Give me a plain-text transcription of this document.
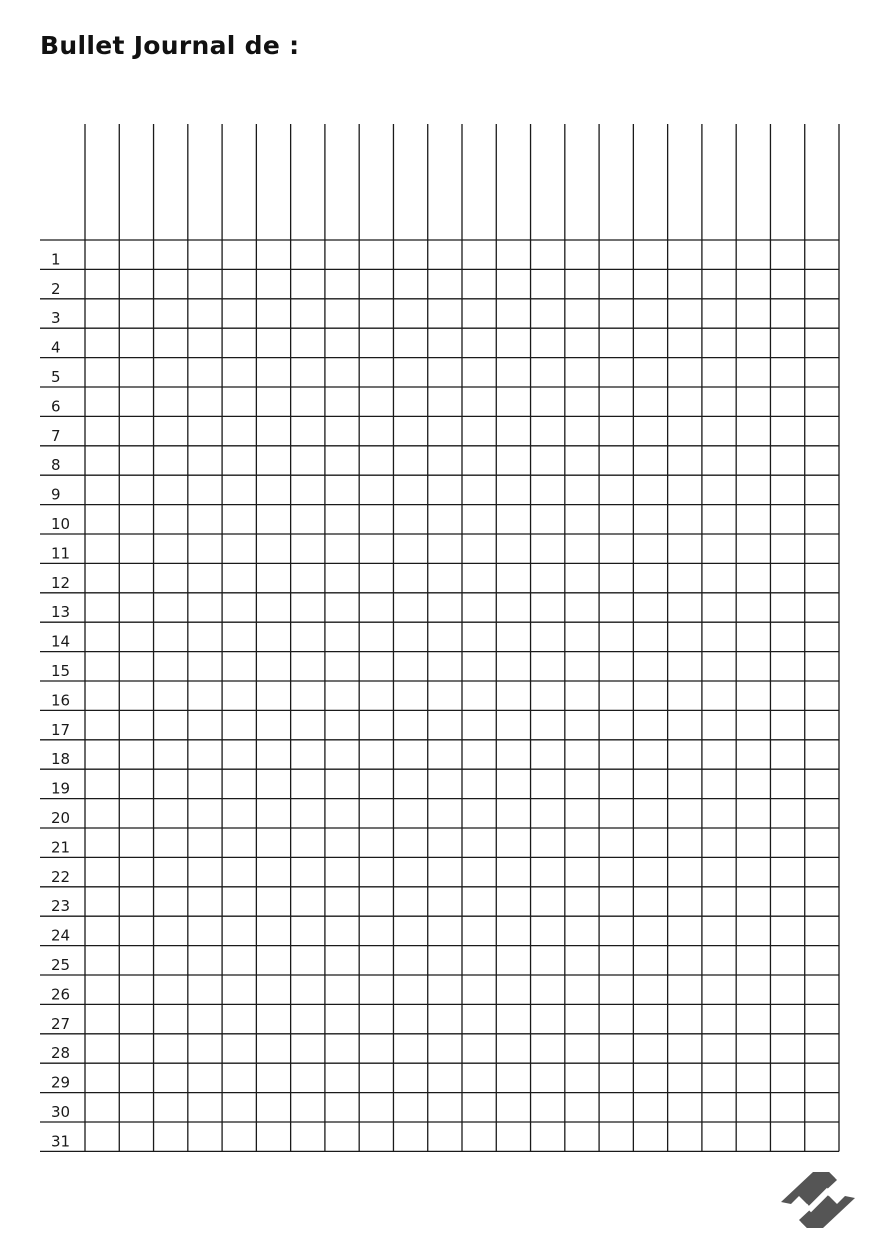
Bullet Journal de :
1
2
3
4
5
6
7
8
9
10
11
12
13
14
15
16
17
18
19
20
21
22
23
24
25
26
27
28
29
30
31
